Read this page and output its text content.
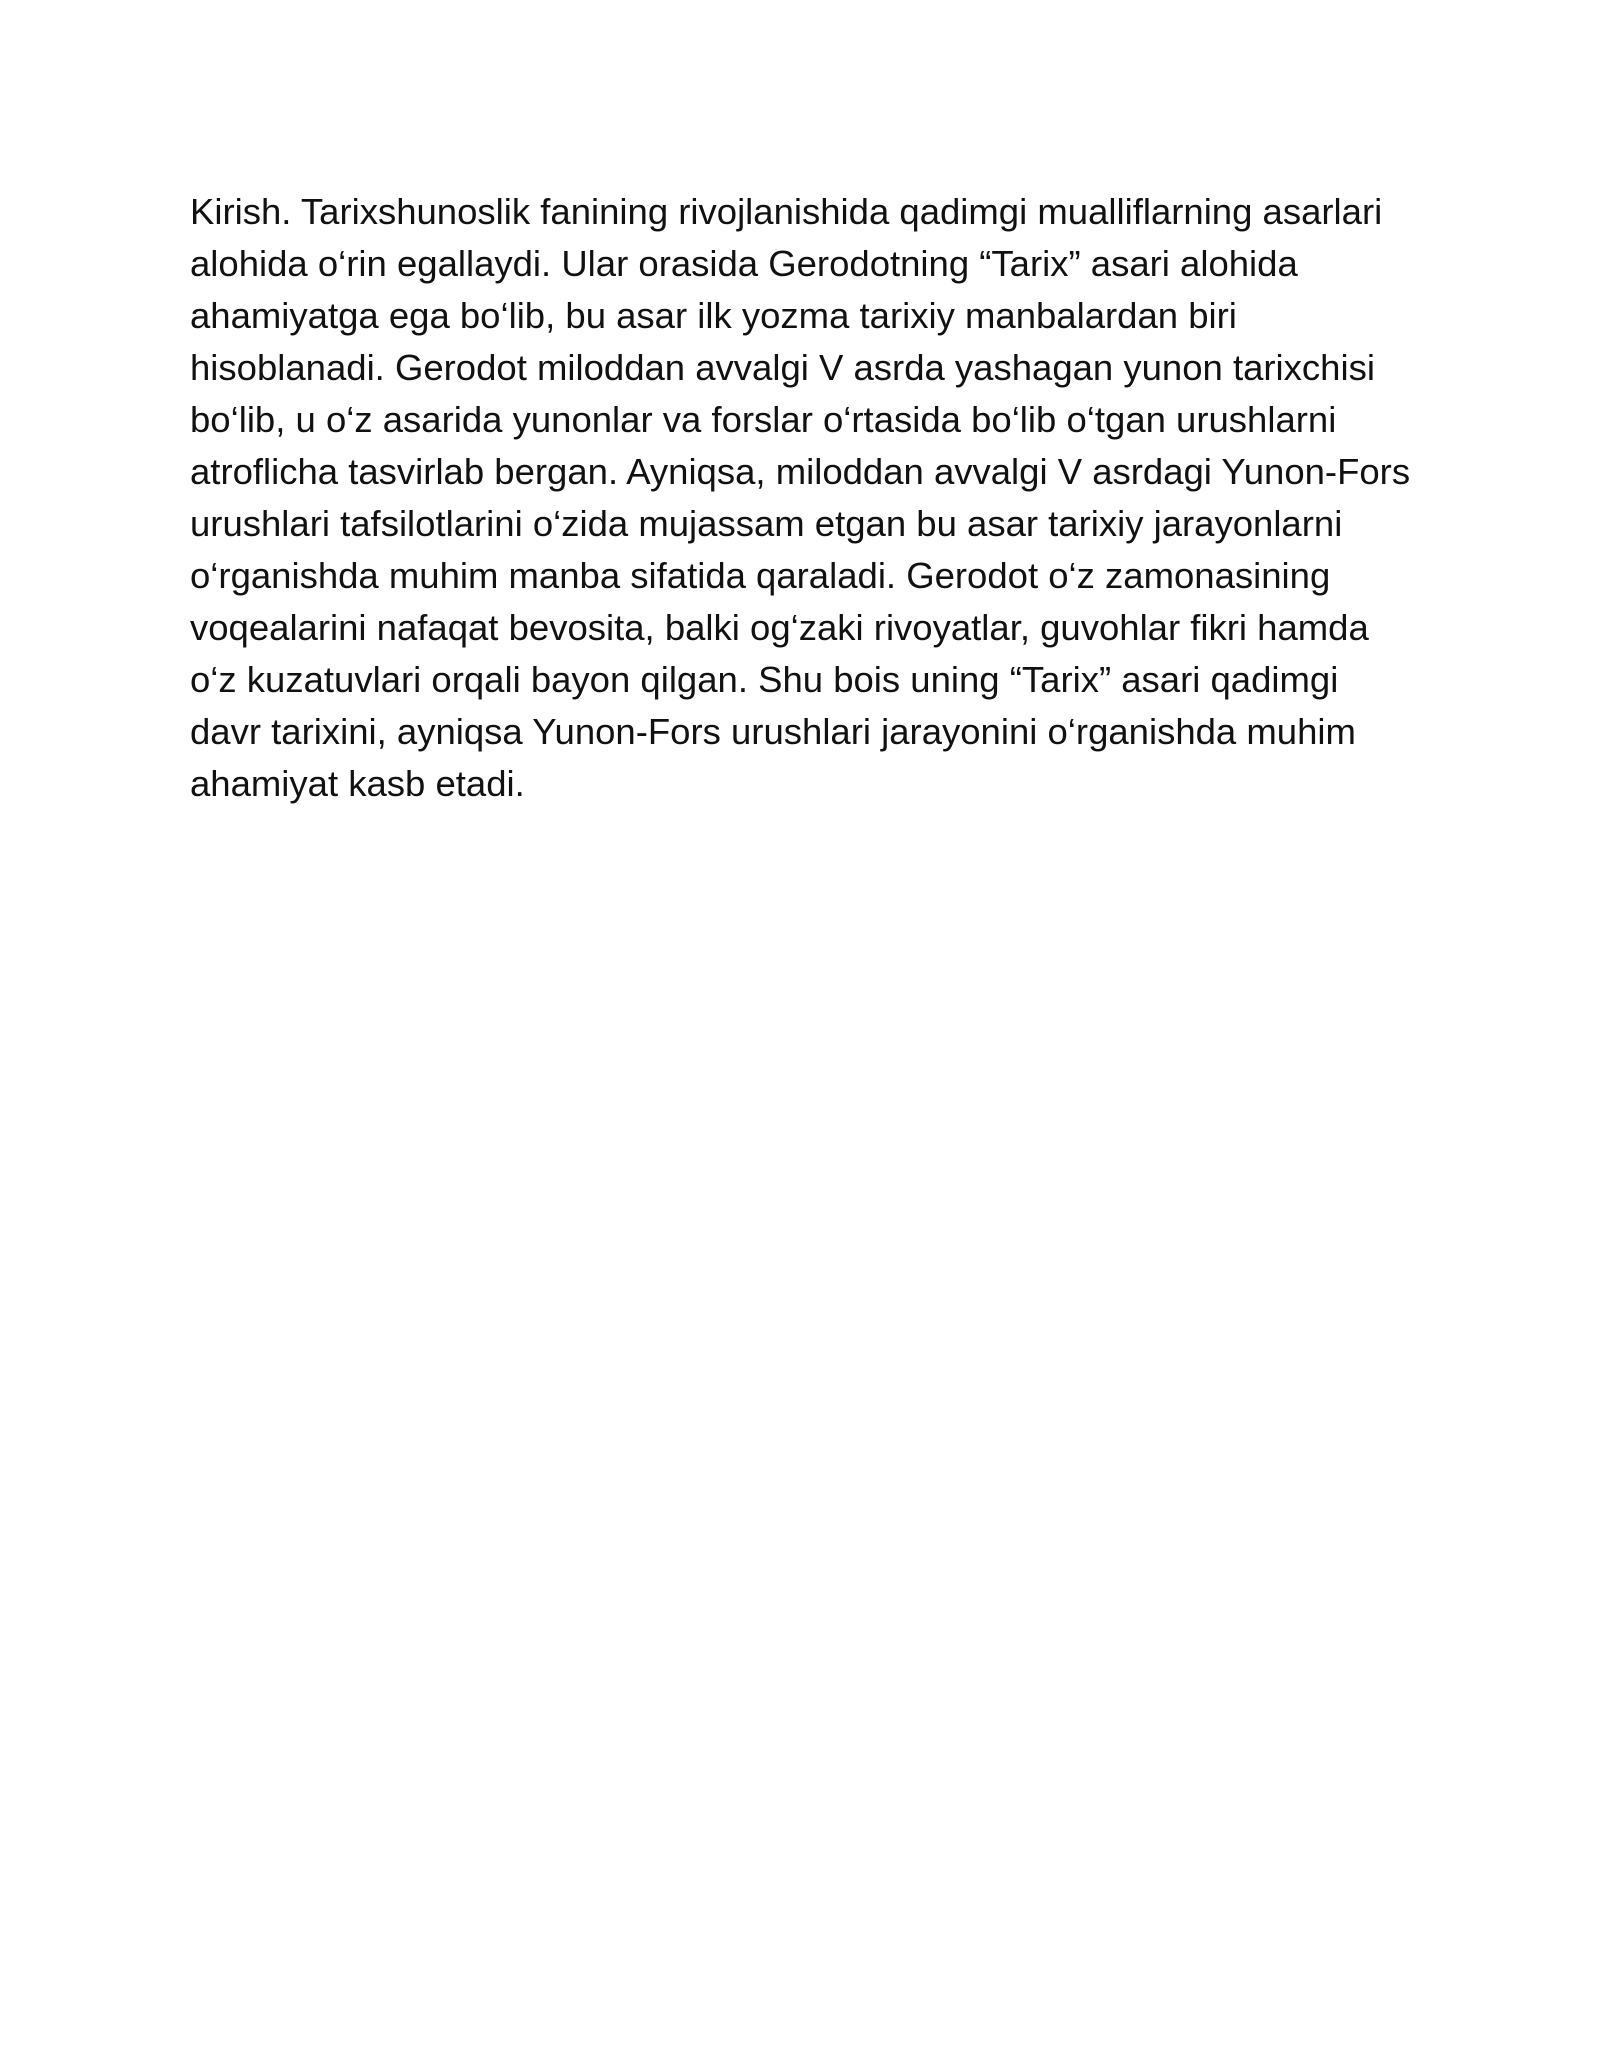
Kirish. Tarixshunoslik fanining rivojlanishida qadimgi mualliflarning asarlari
alohida o‘rin egallaydi. Ular orasida Gerodotning “Tarix” asari alohida
ahamiyatga ega bo‘lib, bu asar ilk yozma tarixiy manbalardan biri
hisoblanadi. Gerodot miloddan avvalgi V asrda yashagan yunon tarixchisi
bo‘lib, u o‘z asarida yunonlar va forslar o‘rtasida bo‘lib o‘tgan urushlarni
atroflicha tasvirlab bergan. Ayniqsa, miloddan avvalgi V asrdagi Yunon-Fors
urushlari tafsilotlarini o‘zida mujassam etgan bu asar tarixiy jarayonlarni
o‘rganishda muhim manba sifatida qaraladi. Gerodot o‘z zamonasining
voqealarini nafaqat bevosita, balki og‘zaki rivoyatlar, guvohlar fikri hamda
o‘z kuzatuvlari orqali bayon qilgan. Shu bois uning “Tarix” asari qadimgi
davr tarixini, ayniqsa Yunon-Fors urushlari jarayonini o‘rganishda muhim
ahamiyat kasb etadi.
